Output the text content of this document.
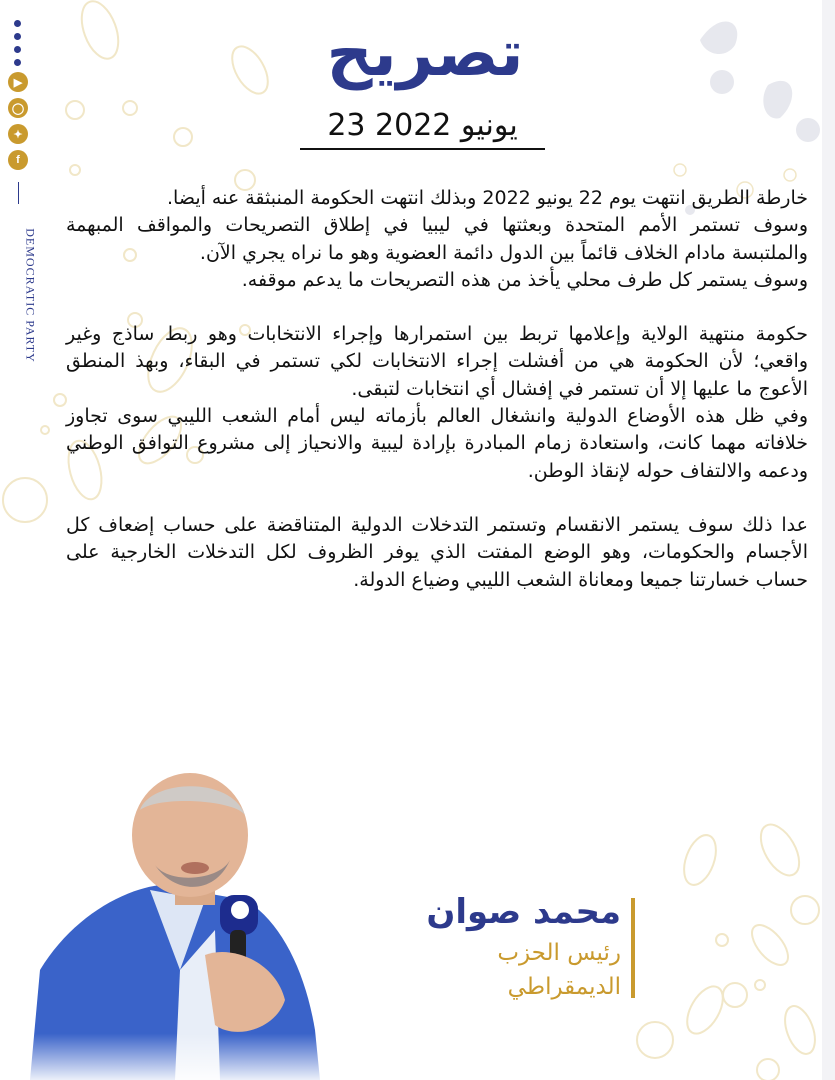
▶
◯
✦
f
DEMOCRATIC PARTY
تصريح
23 يونيو 2022

خارطة الطريق انتهت يوم 22 يونيو 2022 وبذلك انتهت الحكومة المنبثقة عنه أيضا.

وسوف تستمر الأمم المتحدة وبعثتها في ليبيا في إطلاق التصريحات والمواقف المبهمة والملتبسة مادام الخلاف قائماً بين الدول دائمة العضوية وهو ما نراه يجري الآن.

وسوف يستمر كل طرف محلي يأخذ من هذه التصريحات ما يدعم موقفه.

حكومة منتهية الولاية وإعلامها تربط بين استمرارها وإجراء الانتخابات وهو ربط ساذج وغير واقعي؛ لأن الحكومة هي من أفشلت إجراء الانتخابات لكي تستمر في البقاء، وبهذ المنطق الأعوج ما عليها إلا أن تستمر في إفشال أي انتخابات لتبقى.

وفي ظل هذه الأوضاع الدولية وانشغال العالم بأزماته ليس أمام الشعب الليبي سوى تجاوز خلافاته مهما كانت، واستعادة زمام المبادرة بإرادة ليبية والانحياز إلى مشروع التوافق الوطني ودعمه والالتفاف حوله لإنقاذ الوطن.

عدا ذلك سوف يستمر الانقسام وتستمر التدخلات الدولية المتناقضة على حساب إضعاف كل الأجسام والحكومات، وهو الوضع المفتت الذي يوفر الظروف لكل التدخلات الخارجية على حساب خسارتنا جميعا ومعاناة الشعب الليبي وضياع الدولة.

محمد صوان
رئيس الحزب
الديمقراطي
